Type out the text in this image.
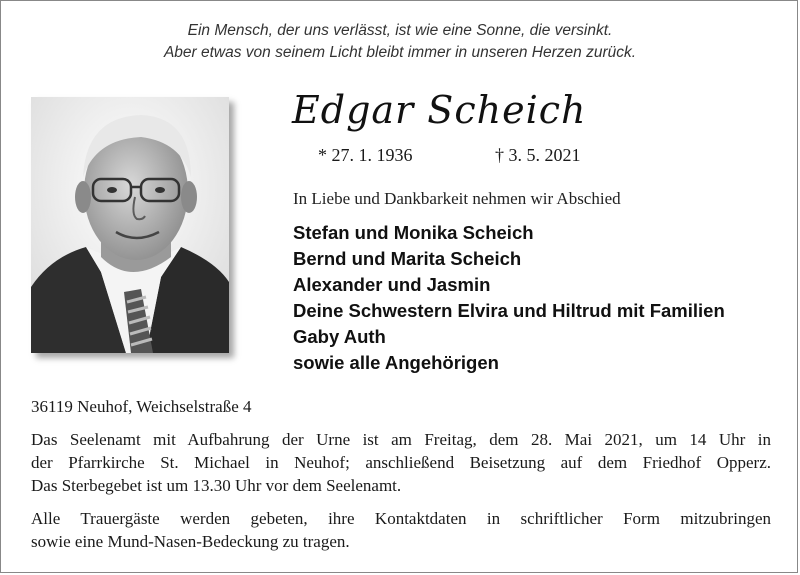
Ein Mensch, der uns verlässt, ist wie eine Sonne, die versinkt.
Aber etwas von seinem Licht bleibt immer in unseren Herzen zurück.
Edgar Scheich
* 27. 1. 1936	† 3. 5. 2021
In Liebe und Dankbarkeit nehmen wir Abschied
Stefan und Monika Scheich
Bernd und Marita Scheich
Alexander und Jasmin
Deine Schwestern Elvira und Hiltrud mit Familien
Gaby Auth
sowie alle Angehörigen
36119 Neuhof, Weichselstraße 4
Das Seelenamt mit Aufbahrung der Urne ist am Freitag, dem 28. Mai 2021, um 14 Uhr in
der Pfarrkirche St. Michael in Neuhof; anschließend Beisetzung auf dem Friedhof Opperz.
Das Sterbegebet ist um 13.30 Uhr vor dem Seelenamt.
Alle Trauergäste werden gebeten, ihre Kontaktdaten in schriftlicher Form mitzubringen
sowie eine Mund-Nasen-Bedeckung zu tragen.
